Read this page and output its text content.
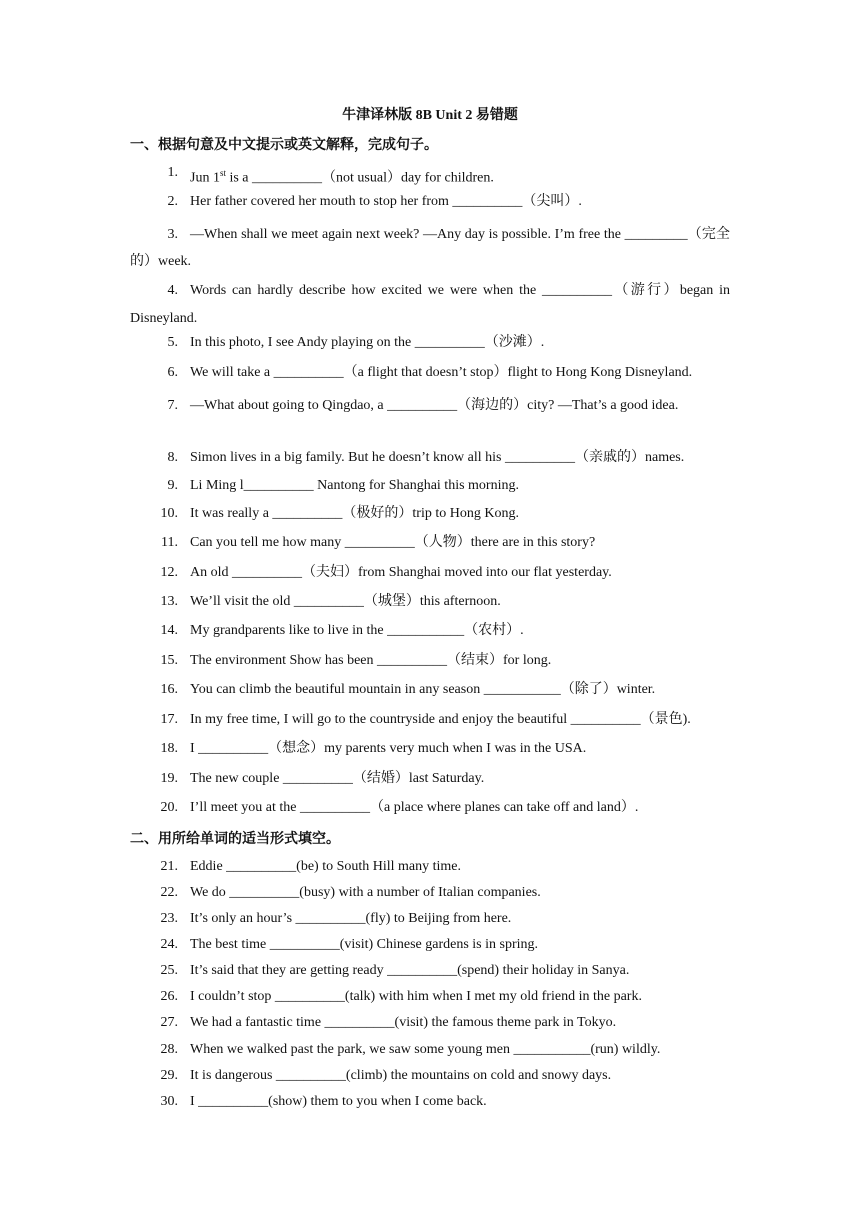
牛津译林版 8B Unit 2 易错题
一、根据句意及中文提示或英文解释，完成句子。
1. Jun 1st is a __________（not usual）day for children.
2. Her father covered her mouth to stop her from __________（尖叫）.
3. —When shall we meet again next week? —Any day is possible. I’m free the _________（完全的）week.
4. Words can hardly describe how excited we were when the __________（游行）began in Disneyland.
5. In this photo, I see Andy playing on the __________（沙滩）.
6. We will take a __________（a flight that doesn’t stop）flight to Hong Kong Disneyland.
7. —What about going to Qingdao, a __________（海边的）city? —That’s a good idea.
8. Simon lives in a big family. But he doesn’t know all his __________（亲戚的）names.
9. Li Ming l__________ Nantong for Shanghai this morning.
10. It was really a __________（极好的）trip to Hong Kong.
11. Can you tell me how many __________（人物）there are in this story?
12. An old __________（夫妇）from Shanghai moved into our flat yesterday.
13. We’ll visit the old __________（城堡）this afternoon.
14. My grandparents like to live in the ___________（农村）.
15. The environment Show has been __________（结束）for long.
16. You can climb the beautiful mountain in any season ___________（除了）winter.
17. In my free time, I will go to the countryside and enjoy the beautiful __________（景色).
18. I __________（想念）my parents very much when I was in the USA.
19. The new couple __________（结婚）last Saturday.
20. I’ll meet you at the __________（a place where planes can take off and land）.
二、用所给单词的适当形式填空。
21. Eddie __________(be) to South Hill many time.
22. We do __________(busy) with a number of Italian companies.
23. It’s only an hour’s __________(fly) to Beijing from here.
24. The best time __________(visit) Chinese gardens is in spring.
25. It’s said that they are getting ready __________(spend) their holiday in Sanya.
26. I couldn’t stop __________(talk) with him when I met my old friend in the park.
27. We had a fantastic time __________(visit) the famous theme park in Tokyo.
28. When we walked past the park, we saw some young men ___________(run) wildly.
29. It is dangerous __________(climb) the mountains on cold and snowy days.
30. I __________(show) them to you when I come back.
